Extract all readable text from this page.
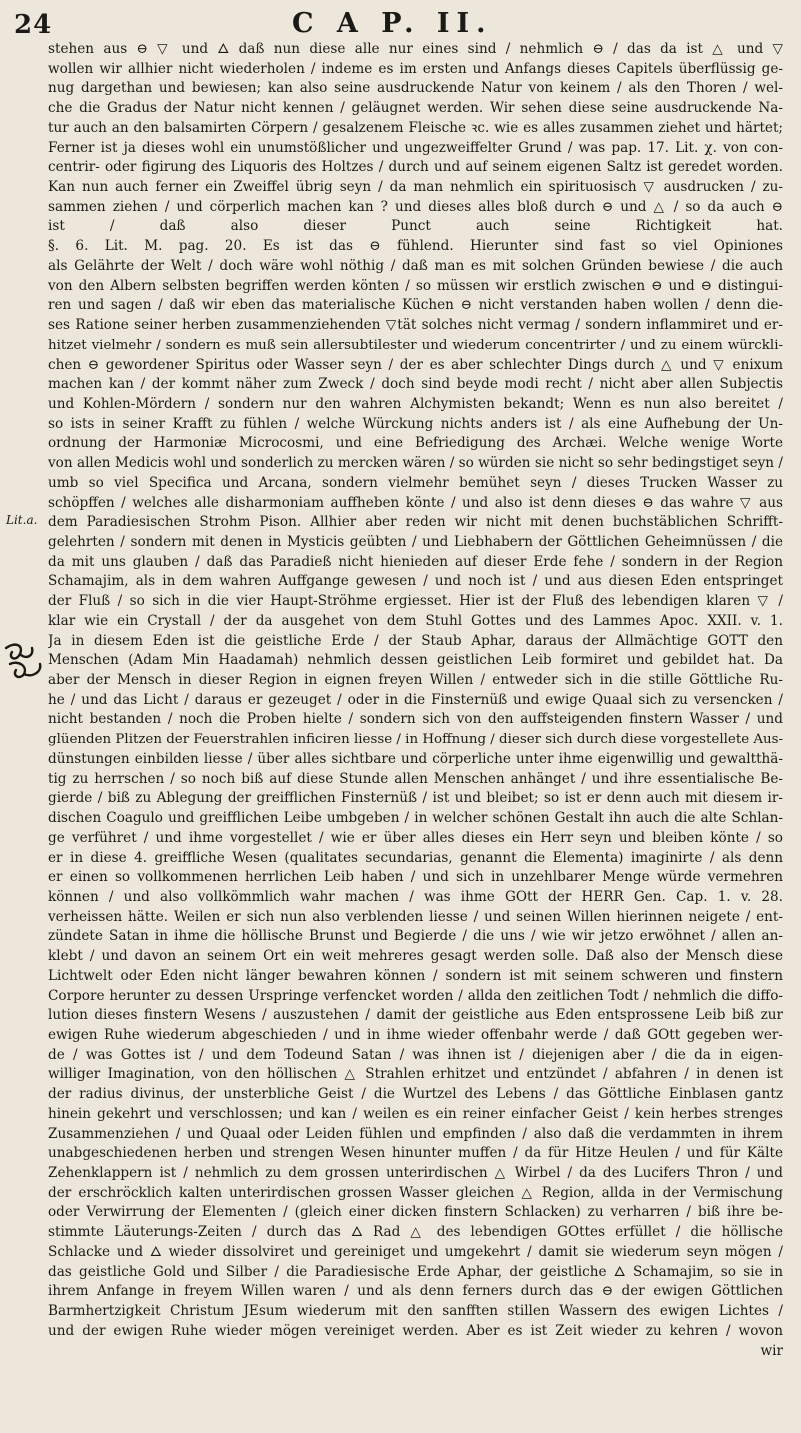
24	C A P. II.
Lit.a.
stehen aus ⊖ ▽ und 🜂 daß nun diese alle nur eines sind / nehmlich ⊖ / das da ist △ und ▽
wollen wir allhier nicht wiederholen / indeme es im ersten und Anfangs dieses Capitels überflüssig ge-
nug dargethan und bewiesen; kan also seine ausdruckende Natur von keinem / als den Thoren / wel-
che die Gradus der Natur nicht kennen / geläugnet werden. Wir sehen diese seine ausdruckende Na-
tur auch an den balsamirten Cörpern / gesalzenem Fleische ꝛc. wie es alles zusammen ziehet und härtet;
Ferner ist ja dieses wohl ein unumstößlicher und ungezweiffelter Grund / was pap. 17. Lit. χ. von con-
centrir- oder figirung des Liquoris des Holtzes / durch und auf seinem eigenen Saltz ist geredet worden.
Kan nun auch ferner ein Zweiffel übrig seyn / da man nehmlich ein spirituosisch ▽ ausdrucken / zu-
sammen ziehen / und cörperlich machen kan ? und dieses alles bloß durch ⊖ und △ / so da auch ⊖
ist / daß also dieser Punct auch seine Richtigkeit hat.
§. 6. Lit. M. pag. 20. Es ist das ⊖ fühlend. Hierunter sind fast so viel Opiniones
als Gelährte der Welt / doch wäre wohl nöthig / daß man es mit solchen Gründen bewiese / die auch
von den Albern selbsten begriffen werden könten / so müssen wir erstlich zwischen ⊖ und ⊖ distingui-
ren und sagen / daß wir eben das materialische Küchen ⊖ nicht verstanden haben wollen / denn die-
ses Ratione seiner herben zusammenziehenden ▽tät solches nicht vermag / sondern inflammiret und er-
hitzet vielmehr / sondern es muß sein allersubtilester und wiederum concentrirter / und zu einem würckli-
chen ⊖ gewordener Spiritus oder Wasser seyn / der es aber schlechter Dings durch △ und ▽ enixum
machen kan / der kommt näher zum Zweck / doch sind beyde modi recht / nicht aber allen Subjectis
und Kohlen-Mördern / sondern nur den wahren Alchymisten bekandt; Wenn es nun also bereitet /
so ists in seiner Krafft zu fühlen / welche Würckung nichts anders ist / als eine Aufhebung der Un-
ordnung der Harmoniæ Microcosmi, und eine Befriedigung des Archæi. Welche wenige Worte
von allen Medicis wohl und sonderlich zu mercken wären / so würden sie nicht so sehr bedingstiget seyn /
umb so viel Specifica und Arcana, sondern vielmehr bemühet seyn / dieses Trucken Wasser zu
schöpffen / welches alle disharmoniam auffheben könte / und also ist denn dieses ⊖ das wahre ▽ aus
dem Paradiesischen Strohm Pison. Allhier aber reden wir nicht mit denen buchstäblichen Schrifft-
gelehrten / sondern mit denen in Mysticis geübten / und Liebhabern der Göttlichen Geheimnüssen / die
da mit uns glauben / daß das Paradieß nicht hienieden auf dieser Erde fehe / sondern in der Region
Schamajim, als in dem wahren Auffgange gewesen / und noch ist / und aus diesen Eden entspringet
der Fluß / so sich in die vier Haupt-Ströhme ergiesset. Hier ist der Fluß des lebendigen klaren ▽ /
klar wie ein Crystall / der da ausgehet von dem Stuhl Gottes und des Lammes Apoc. XXII. v. 1.
Ja in diesem Eden ist die geistliche Erde / der Staub Aphar, daraus der Allmächtige GOTT den
Menschen (Adam Min Haadamah) nehmlich dessen geistlichen Leib formiret und gebildet hat. Da
aber der Mensch in dieser Region in eignen freyen Willen / entweder sich in die stille Göttliche Ru-
he / und das Licht / daraus er gezeuget / oder in die Finsternüß und ewige Quaal sich zu versencken /
nicht bestanden / noch die Proben hielte / sondern sich von den auffsteigenden finstern Wasser / und
glüenden Plitzen der Feuerstrahlen inficiren liesse / in Hoffnung / dieser sich durch diese vorgestellete Aus-
dünstungen einbilden liesse / über alles sichtbare und cörperliche unter ihme eigenwillig und gewaltthä-
tig zu herrschen / so noch biß auf diese Stunde allen Menschen anhänget / und ihre essentialische Be-
gierde / biß zu Ablegung der greifflichen Finsternüß / ist und bleibet; so ist er denn auch mit diesem ir-
dischen Coagulo und greifflichen Leibe umbgeben / in welcher schönen Gestalt ihn auch die alte Schlan-
ge verführet / und ihme vorgestellet / wie er über alles dieses ein Herr seyn und bleiben könte / so
er in diese 4. greiffliche Wesen (qualitates secundarias, genannt die Elementa) imaginirte / als denn
er einen so vollkommenen herrlichen Leib haben / und sich in unzehlbarer Menge würde vermehren
können / und also vollkömmlich wahr machen / was ihme GOtt der HERR Gen. Cap. 1. v. 28.
verheissen hätte. Weilen er sich nun also verblenden liesse / und seinen Willen hierinnen neigete / ent-
zündete Satan in ihme die höllische Brunst und Begierde / die uns / wie wir jetzo erwöhnet / allen an-
klebt / und davon an seinem Ort ein weit mehreres gesagt werden solle. Daß also der Mensch diese
Lichtwelt oder Eden nicht länger bewahren können / sondern ist mit seinem schweren und finstern
Corpore herunter zu dessen Urspringe verfencket worden / allda den zeitlichen Todt / nehmlich die diffo-
lution dieses finstern Wesens / auszustehen / damit der geistliche aus Eden entsprossene Leib biß zur
ewigen Ruhe wiederum abgeschieden / und in ihme wieder offenbahr werde / daß GOtt gegeben wer-
de / was Gottes ist / und dem Todeund Satan / was ihnen ist / diejenigen aber / die da in eigen-
williger Imagination, von den höllischen △ Strahlen erhitzet und entzündet / abfahren / in denen ist
der radius divinus, der unsterbliche Geist / die Wurtzel des Lebens / das Göttliche Einblasen gantz
hinein gekehrt und verschlossen; und kan / weilen es ein reiner einfacher Geist / kein herbes strenges
Zusammenziehen / und Quaal oder Leiden fühlen und empfinden / also daß die verdammten in ihrem
unabgeschiedenen herben und strengen Wesen hinunter muffen / da für Hitze Heulen / und für Kälte
Zehenklappern ist / nehmlich zu dem grossen unterirdischen △ Wirbel / da des Lucifers Thron / und
der erschröcklich kalten unterirdischen grossen Wasser gleichen △ Region, allda in der Vermischung
oder Verwirrung der Elementen / (gleich einer dicken finstern Schlacken) zu verharren / biß ihre be-
stimmte Läuterungs-Zeiten / durch das 🜂 Rad △ des lebendigen GOttes erfüllet / die höllische
Schlacke und 🜂 wieder dissolviret und gereiniget und umgekehrt / damit sie wiederum seyn mögen /
das geistliche Gold und Silber / die Paradiesische Erde Aphar, der geistliche 🜂 Schamajim, so sie in
ihrem Anfange in freyem Willen waren / und als denn ferners durch das ⊖ der ewigen Göttlichen
Barmhertzigkeit Christum JEsum wiederum mit den sanfften stillen Wassern des ewigen Lichtes /
und der ewigen Ruhe wieder mögen vereiniget werden. Aber es ist Zeit wieder zu kehren / wovon
wir
